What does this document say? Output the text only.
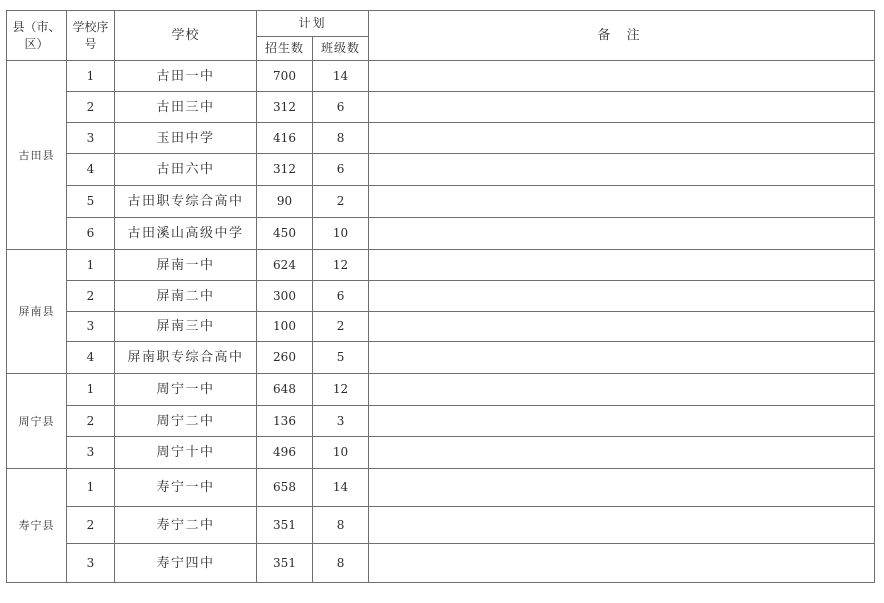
县（市、区）	学校序号	学校	计划		备 注
			招生数	班级数	
古田县	1	古田一中	700	14	
	2	古田三中	312	6	
	3	玉田中学	416	8	
	4	古田六中	312	6	
	5	古田职专综合高中	90	2	
	6	古田溪山高级中学	450	10	
屏南县	1	屏南一中	624	12	
	2	屏南二中	300	6	
	3	屏南三中	100	2	
	4	屏南职专综合高中	260	5	
周宁县	1	周宁一中	648	12	
	2	周宁二中	136	3	
	3	周宁十中	496	10	
寿宁县	1	寿宁一中	658	14	
	2	寿宁二中	351	8	
	3	寿宁四中	351	8	
